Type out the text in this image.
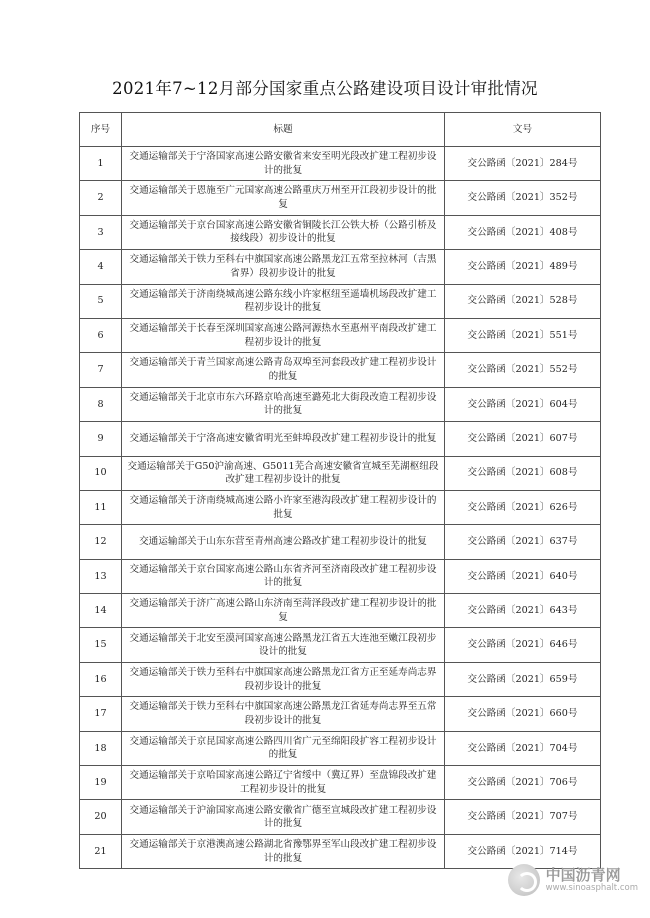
2021年7~12月部分国家重点公路建设项目设计审批情况
序号	标题	文号
1	交通运输部关于宁洛国家高速公路安徽省来安至明光段改扩建工程初步设计的批复	交公路函〔2021〕284号
2	交通运输部关于恩施至广元国家高速公路重庆万州至开江段初步设计的批复	交公路函〔2021〕352号
3	交通运输部关于京台国家高速公路安徽省铜陵长江公铁大桥（公路引桥及接线段）初步设计的批复	交公路函〔2021〕408号
4	交通运输部关于铁力至科右中旗国家高速公路黑龙江五常至拉林河（吉黑省界）段初步设计的批复	交公路函〔2021〕489号
5	交通运输部关于济南绕城高速公路东线小许家枢纽至遥墙机场段改扩建工程初步设计的批复	交公路函〔2021〕528号
6	交通运输部关于长春至深圳国家高速公路河源热水至惠州平南段改扩建工程初步设计的批复	交公路函〔2021〕551号
7	交通运输部关于青兰国家高速公路青岛双埠至河套段改扩建工程初步设计的批复	交公路函〔2021〕552号
8	交通运输部关于北京市东六环路京哈高速至潞苑北大街段改造工程初步设计的批复	交公路函〔2021〕604号
9	交通运输部关于宁洛高速安徽省明光至蚌埠段改扩建工程初步设计的批复	交公路函〔2021〕607号
10	交通运输部关于G50沪渝高速、G5011芜合高速安徽省宣城至芜湖枢纽段改扩建工程初步设计的批复	交公路函〔2021〕608号
11	交通运输部关于济南绕城高速公路小许家至港沟段改扩建工程初步设计的批复	交公路函〔2021〕626号
12	交通运输部关于山东东营至青州高速公路改扩建工程初步设计的批复	交公路函〔2021〕637号
13	交通运输部关于京台国家高速公路山东省齐河至济南段改扩建工程初步设计的批复	交公路函〔2021〕640号
14	交通运输部关于济广高速公路山东济南至菏泽段改扩建工程初步设计的批复	交公路函〔2021〕643号
15	交通运输部关于北安至漠河国家高速公路黑龙江省五大连池至嫩江段初步设计的批复	交公路函〔2021〕646号
16	交通运输部关于铁力至科右中旗国家高速公路黑龙江省方正至延寿尚志界段初步设计的批复	交公路函〔2021〕659号
17	交通运输部关于铁力至科右中旗国家高速公路黑龙江省延寿尚志界至五常段初步设计的批复	交公路函〔2021〕660号
18	交通运输部关于京昆国家高速公路四川省广元至绵阳段扩容工程初步设计的批复	交公路函〔2021〕704号
19	交通运输部关于京哈国家高速公路辽宁省绥中（冀辽界）至盘锦段改扩建工程初步设计的批复	交公路函〔2021〕706号
20	交通运输部关于沪渝国家高速公路安徽省广德至宣城段改扩建工程初步设计的批复	交公路函〔2021〕707号
21	交通运输部关于京港澳高速公路湖北省豫鄂界至军山段改扩建工程初步设计的批复	交公路函〔2021〕714号
中国沥青网
www.sinoasphalt.com
